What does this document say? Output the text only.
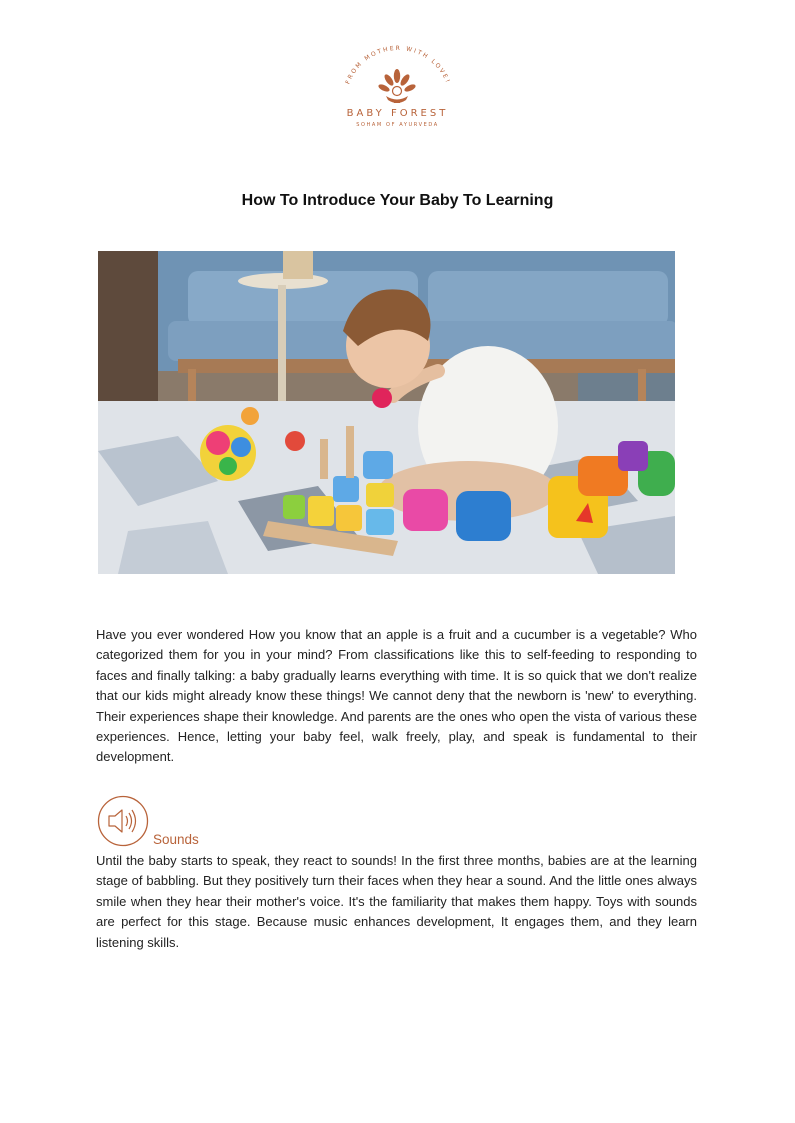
FROM MOTHER WITH LOVE!
BABY FOREST
SOHAM OF AYURVEDA
How To Introduce Your Baby To Learning

Have you ever wondered How you know that an apple is a fruit and a cucumber is a vegetable? Who categorized them for you in your mind? From classifications like this to self-feeding to responding to faces and finally talking: a baby gradually learns everything with time. It is so quick that we don't realize that our kids might already know these things! We cannot deny that the newborn is 'new' to everything. Their experiences shape their knowledge. And parents are the ones who open the vista of various these experiences. Hence, letting your baby feel, walk freely, play, and speak is fundamental to their development.

Sounds

Until the baby starts to speak, they react to sounds! In the first three months, babies are at the learning stage of babbling. But they positively turn their faces when they hear a sound. And the little ones always smile when they hear their mother's voice. It's the familiarity that makes them happy. Toys with sounds are perfect for this stage. Because music enhances development, It engages them, and they learn listening skills.
